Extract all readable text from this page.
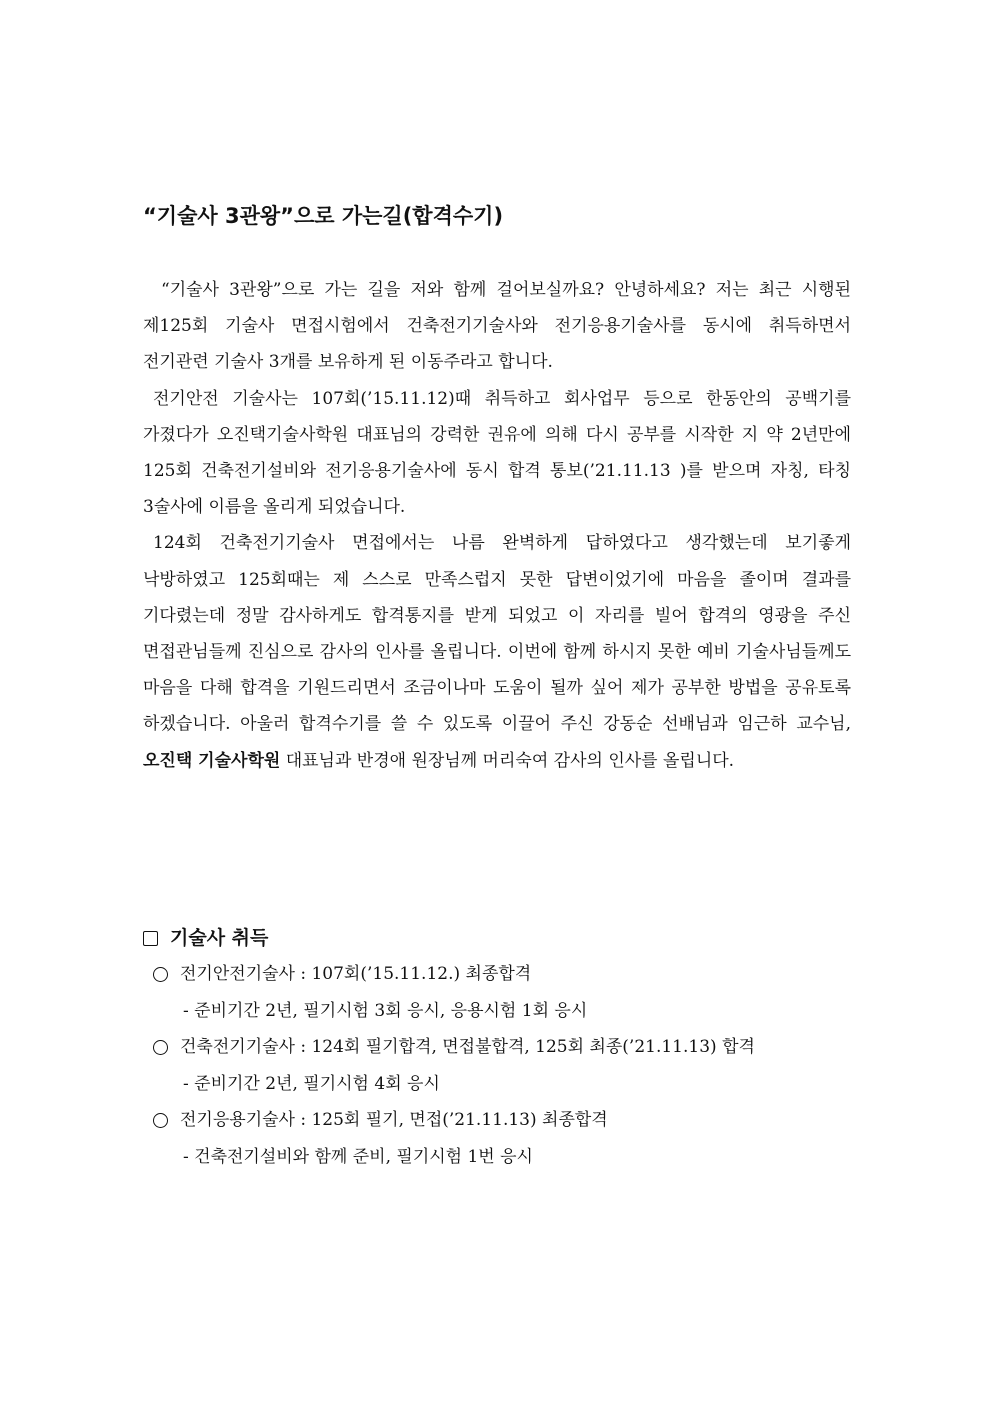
“기술사 3관왕”으로 가는길(합격수기)

“기술사 3관왕”으로 가는 길을 저와 함께 걸어보실까요? 안녕하세요? 저는 최근 시행된 제125회 기술사 면접시험에서 건축전기기술사와 전기응용기술사를 동시에 취득하면서 전기관련 기술사 3개를 보유하게 된 이동주라고 합니다.

전기안전 기술사는 107회(’15.11.12)때 취득하고 회사업무 등으로 한동안의 공백기를 가졌다가 오진택기술사학원 대표님의 강력한 권유에 의해 다시 공부를 시작한 지 약 2년만에 125회 건축전기설비와 전기응용기술사에 동시 합격 통보(’21.11.13 )를 받으며 자칭, 타칭 3술사에 이름을 올리게 되었습니다.

124회 건축전기기술사 면접에서는 나름 완벽하게 답하였다고 생각했는데 보기좋게 낙방하였고 125회때는 제 스스로 만족스럽지 못한 답변이었기에 마음을 졸이며 결과를 기다렸는데 정말 감사하게도 합격통지를 받게 되었고 이 자리를 빌어 합격의 영광을 주신 면접관님들께 진심으로 감사의 인사를 올립니다. 이번에 함께 하시지 못한 예비 기술사님들께도 마음을 다해 합격을 기원드리면서 조금이나마 도움이 될까 싶어 제가 공부한 방법을 공유토록 하겠습니다. 아울러 합격수기를 쓸 수 있도록 이끌어 주신 강동순 선배님과 임근하 교수님, 오진택 기술사학원 대표님과 반경애 원장님께 머리숙여 감사의 인사를 올립니다.

기술사 취득
전기안전기술사 : 107회(’15.11.12.) 최종합격
- 준비기간 2년, 필기시험 3회 응시, 응용시험 1회 응시
건축전기기술사 : 124회 필기합격, 면접불합격, 125회 최종(’21.11.13) 합격
- 준비기간 2년, 필기시험 4회 응시
전기응용기술사 : 125회 필기, 면접(’21.11.13) 최종합격
- 건축전기설비와 함께 준비, 필기시험 1번 응시
